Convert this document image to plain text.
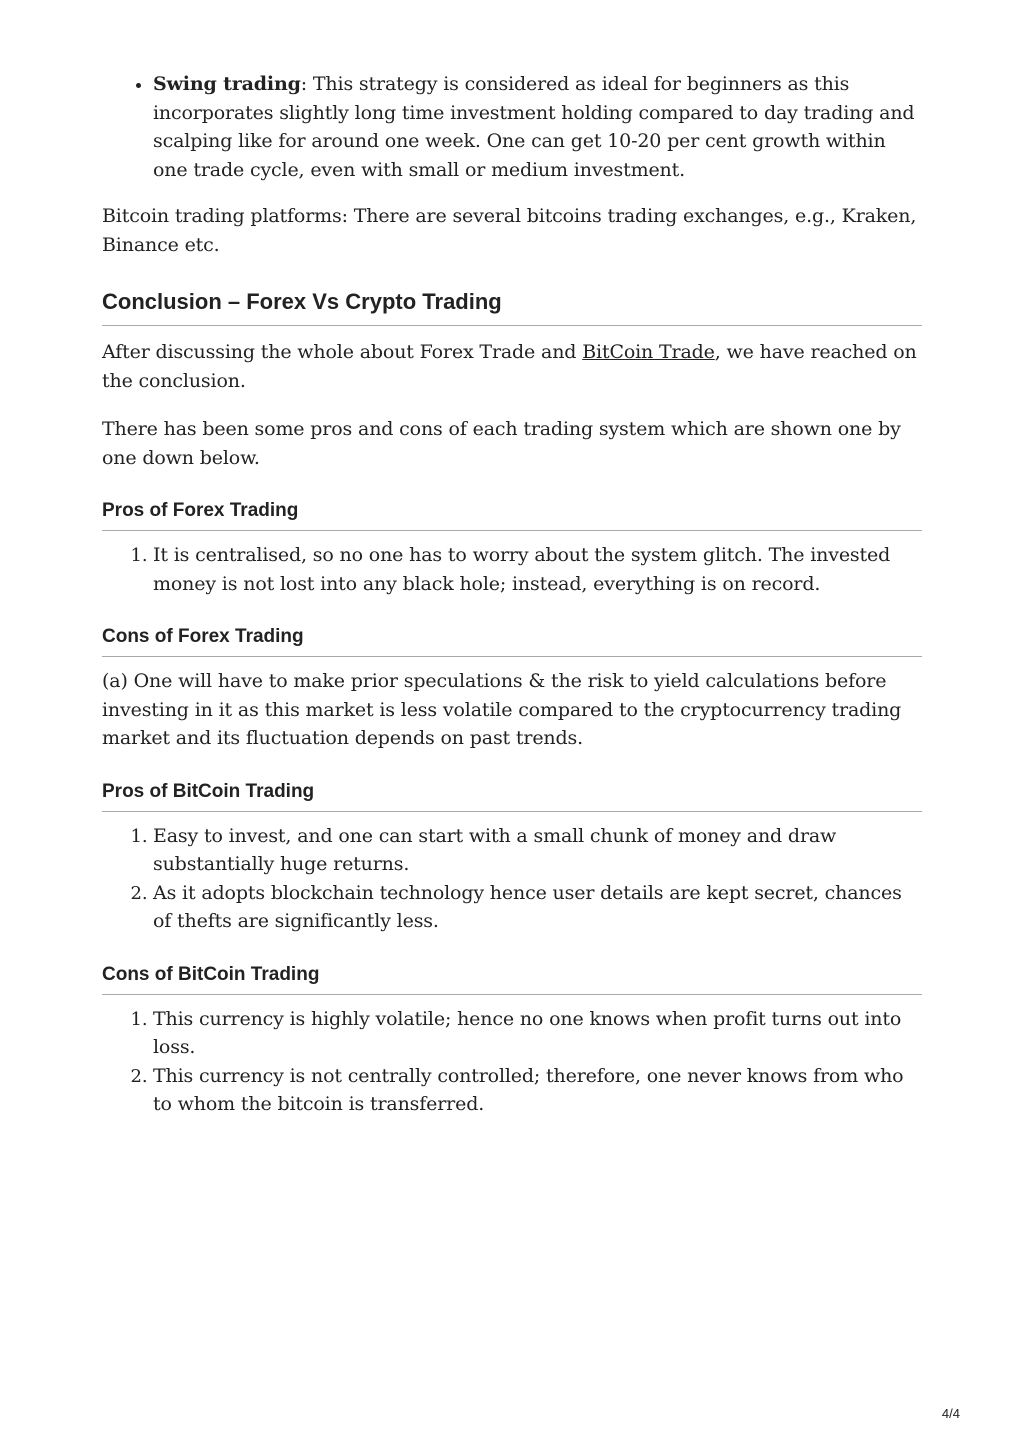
• Swing trading: This strategy is considered as ideal for beginners as this incorporates slightly long time investment holding compared to day trading and scalping like for around one week. One can get 10-20 per cent growth within one trade cycle, even with small or medium investment.

Bitcoin trading platforms: There are several bitcoins trading exchanges, e.g., Kraken, Binance etc.

Conclusion – Forex Vs Crypto Trading

After discussing the whole about Forex Trade and BitCoin Trade, we have reached on the conclusion.

There has been some pros and cons of each trading system which are shown one by one down below.

Pros of Forex Trading
1. It is centralised, so no one has to worry about the system glitch. The invested money is not lost into any black hole; instead, everything is on record.
Cons of Forex Trading

(a) One will have to make prior speculations & the risk to yield calculations before investing in it as this market is less volatile compared to the cryptocurrency trading market and its fluctuation depends on past trends.

Pros of BitCoin Trading
1. Easy to invest, and one can start with a small chunk of money and draw substantially huge returns.
2. As it adopts blockchain technology hence user details are kept secret, chances of thefts are significantly less.
Cons of BitCoin Trading
1. This currency is highly volatile; hence no one knows when profit turns out into loss.
2. This currency is not centrally controlled; therefore, one never knows from who to whom the bitcoin is transferred.
4/4
